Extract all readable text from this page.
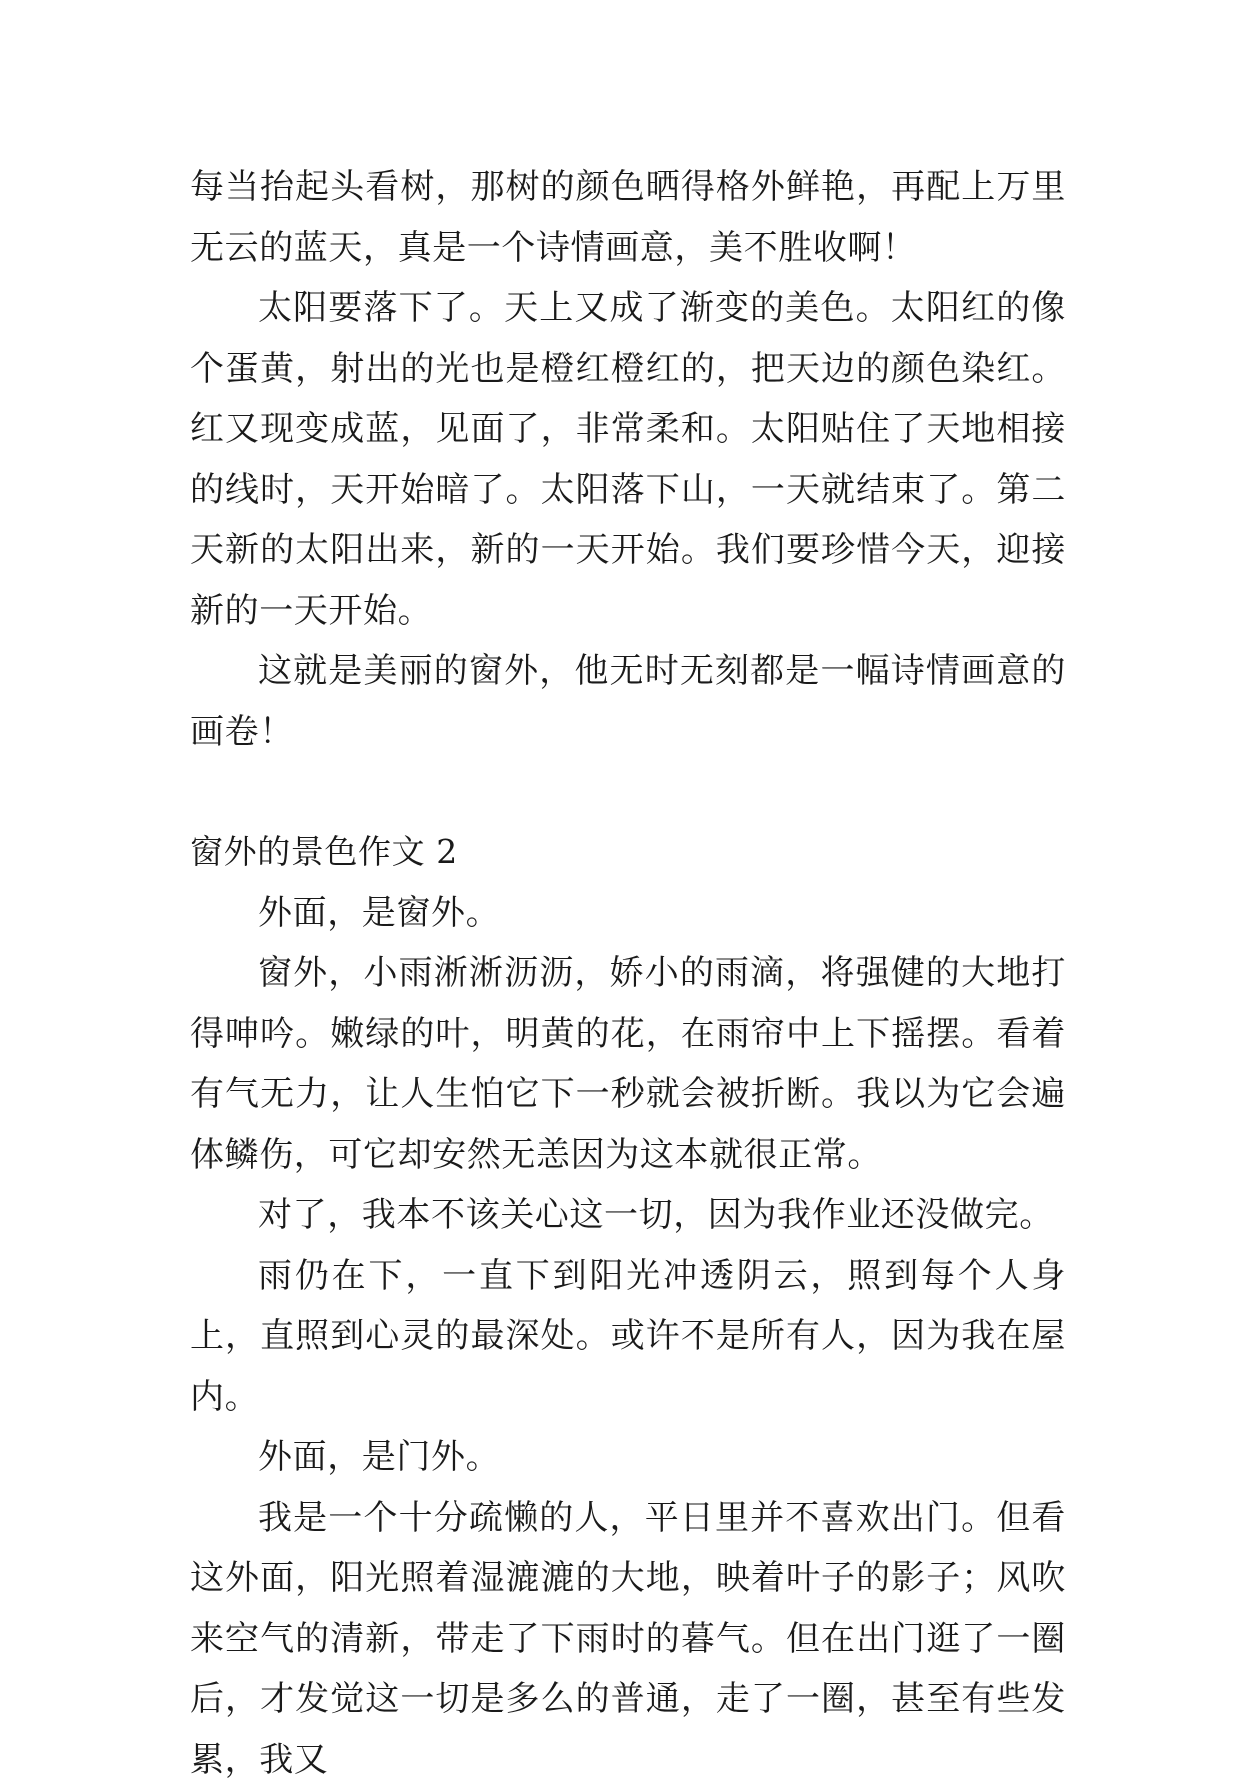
每当抬起头看树，那树的颜色晒得格外鲜艳，再配上万里无云的蓝天，真是一个诗情画意，美不胜收啊！

太阳要落下了。天上又成了渐变的美色。太阳红的像个蛋黄，射出的光也是橙红橙红的，把天边的颜色染红。红又现变成蓝，见面了，非常柔和。太阳贴住了天地相接的线时，天开始暗了。太阳落下山，一天就结束了。第二天新的太阳出来，新的一天开始。我们要珍惜今天，迎接新的一天开始。

这就是美丽的窗外，他无时无刻都是一幅诗情画意的画卷！

窗外的景色作文 2

外面，是窗外。

窗外，小雨淅淅沥沥，娇小的雨滴，将强健的大地打得呻吟。嫩绿的叶，明黄的花，在雨帘中上下摇摆。看着有气无力，让人生怕它下一秒就会被折断。我以为它会遍体鳞伤，可它却安然无恙因为这本就很正常。

对了，我本不该关心这一切，因为我作业还没做完。

雨仍在下，一直下到阳光冲透阴云，照到每个人身上，直照到心灵的最深处。或许不是所有人，因为我在屋内。

外面，是门外。

我是一个十分疏懒的人，平日里并不喜欢出门。但看这外面，阳光照着湿漉漉的大地，映着叶子的影子；风吹来空气的清新，带走了下雨时的暮气。但在出门逛了一圈后，才发觉这一切是多么的普通，走了一圈，甚至有些发累，我又
